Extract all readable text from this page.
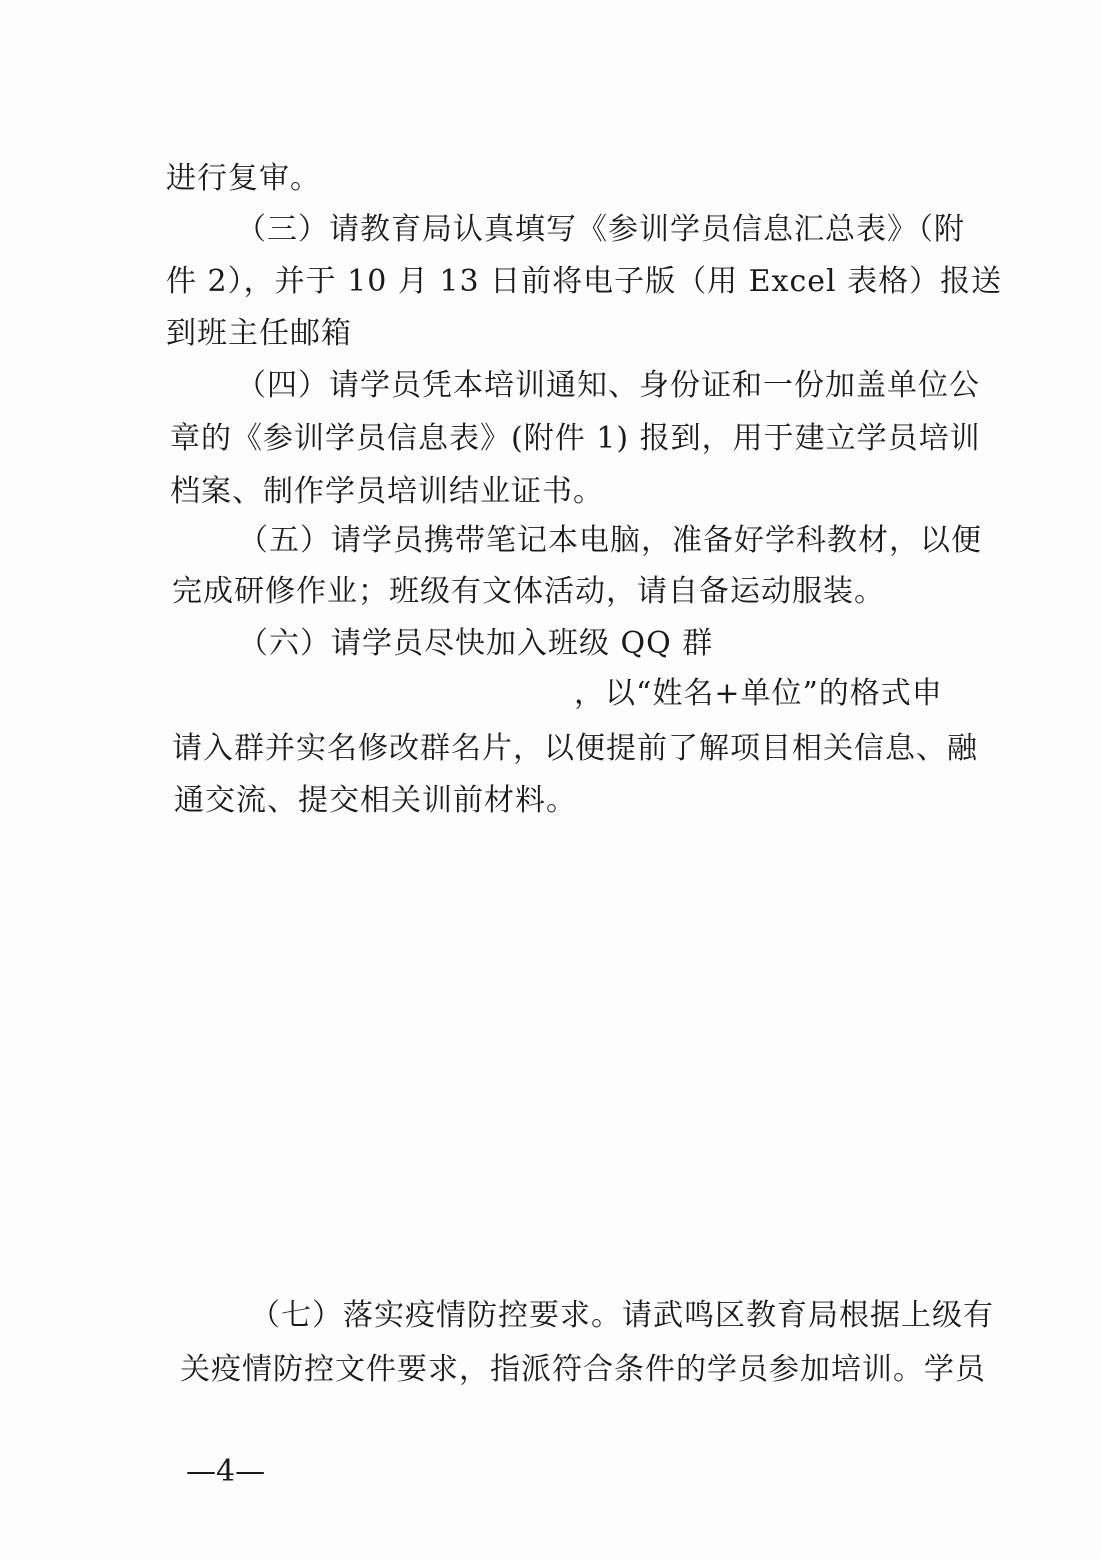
进行复审。
（三）请教育局认真填写《参训学员信息汇总表》（附
件 2），并于 10 月 13 日前将电子版（用 Excel 表格）报送
到班主任邮箱
（四）请学员凭本培训通知、身份证和一份加盖单位公
章的《参训学员信息表》(附件 1) 报到，用于建立学员培训
档案、制作学员培训结业证书。
（五）请学员携带笔记本电脑，准备好学科教材，以便
完成研修作业；班级有文体活动，请自备运动服装。
（六）请学员尽快加入班级 QQ 群
，以“姓名+单位”的格式申
请入群并实名修改群名片，以便提前了解项目相关信息、融
通交流、提交相关训前材料。
（七）落实疫情防控要求。请武鸣区教育局根据上级有
关疫情防控文件要求，指派符合条件的学员参加培训。学员
—4—
